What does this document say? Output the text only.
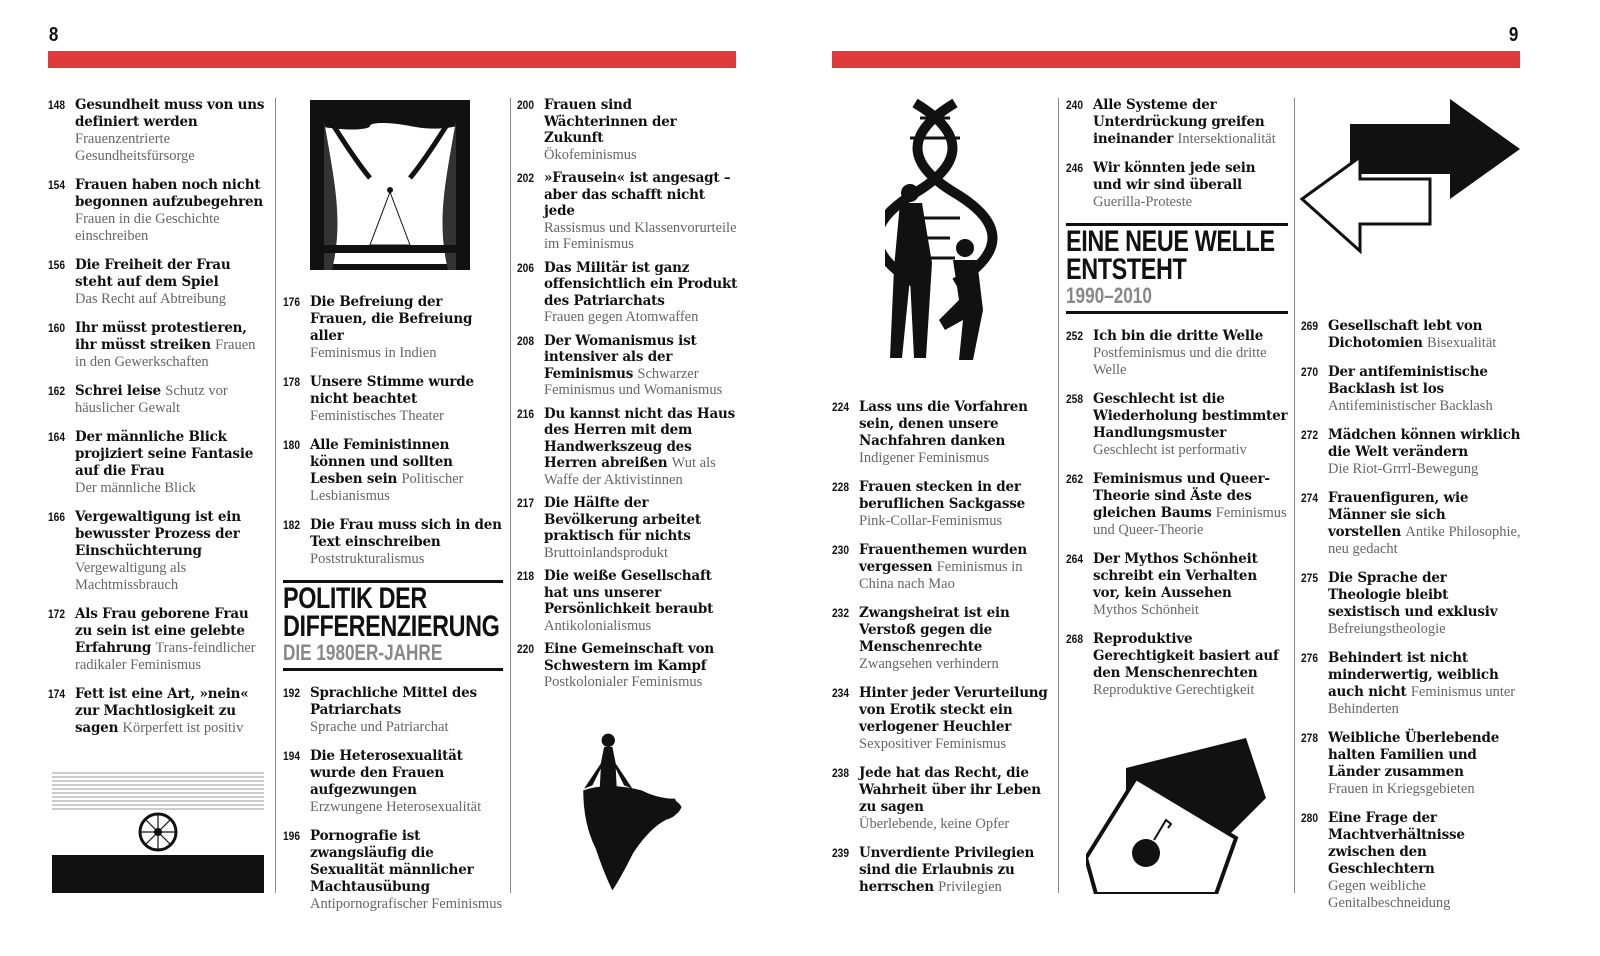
8	9
148 Gesundheit muss von uns definiert werden
Frauenzentrierte Gesundheitsfürsorge
154 Frauen haben noch nicht begonnen aufzubegehren
Frauen in die Geschichte einschreiben
156 Die Freiheit der Frau steht auf dem Spiel
Das Recht auf Abtreibung
160 Ihr müsst protestieren, ihr müsst streiken Frauen in den Gewerkschaften
162 Schrei leise Schutz vor häuslicher Gewalt
164 Der männliche Blick projiziert seine Fantasie auf die Frau
Der männliche Blick
166 Vergewaltigung ist ein bewusster Prozess der Einschüchterung
Vergewaltigung als Machtmissbrauch
172 Als Frau geborene Frau zu sein ist eine gelebte Erfahrung Trans-feindlicher radikaler Feminismus
174 Fett ist eine Art, »nein« zur Machtlosigkeit zu sagen Körperfett ist positiv
176 Die Befreiung der Frauen, die Befreiung aller
Feminismus in Indien
178 Unsere Stimme wurde nicht beachtet
Feministisches Theater
180 Alle Feministinnen können und sollten Lesben sein Politischer Lesbianismus
182 Die Frau muss sich in den Text einschreiben
Poststrukturalismus
POLITIK DER
DIFFERENZIERUNG
DIE 1980ER-JAHRE
192 Sprachliche Mittel des Patriarchats
Sprache und Patriarchat
194 Die Heterosexualität wurde den Frauen aufgezwungen
Erzwungene Heterosexualität
196 Pornografie ist zwangsläufig die Sexualität männlicher Machtausübung Antipornografischer Feminismus
200 Frauen sind Wächterinnen der Zukunft
Ökofeminismus
202 »Frausein« ist angesagt – aber das schafft nicht jede
Rassismus und Klassenvorurteile im Feminismus
206 Das Militär ist ganz offensichtlich ein Produkt des Patriarchats
Frauen gegen Atomwaffen
208 Der Womanismus ist intensiver als der Feminismus Schwarzer Feminismus und Womanismus
216 Du kannst nicht das Haus des Herren mit dem Handwerkszeug des Herren abreißen Wut als Waffe der Aktivistinnen
217 Die Hälfte der Bevölkerung arbeitet praktisch für nichts Bruttoinlandsprodukt
218 Die weiße Gesellschaft hat uns unserer Persönlichkeit beraubt
Antikolonialismus
220 Eine Gemeinschaft von Schwestern im Kampf
Postkolonialer Feminismus
224 Lass uns die Vorfahren sein, denen unsere Nachfahren danken
Indigener Feminismus
228 Frauen stecken in der beruflichen Sackgasse
Pink-Collar-Feminismus
230 Frauenthemen wurden vergessen Feminismus in China nach Mao
232 Zwangsheirat ist ein Verstoß gegen die Menschenrechte
Zwangsehen verhindern
234 Hinter jeder Verurteilung von Erotik steckt ein verlogener Heuchler
Sexpositiver Feminismus
238 Jede hat das Recht, die Wahrheit über ihr Leben zu sagen
Überlebende, keine Opfer
239 Unverdiente Privilegien sind die Erlaubnis zu herrschen Privilegien
240 Alle Systeme der Unterdrückung greifen ineinander Intersektionalität
246 Wir könnten jede sein und wir sind überall
Guerilla-Proteste
EINE NEUE WELLE
ENTSTEHT
1990–2010
252 Ich bin die dritte Welle
Postfeminismus und die dritte Welle
258 Geschlecht ist die Wiederholung bestimmter Handlungsmuster Geschlecht ist performativ
262 Feminismus und Queer-Theorie sind Äste des gleichen Baums Feminismus und Queer-Theorie
264 Der Mythos Schönheit schreibt ein Verhalten vor, kein Aussehen
Mythos Schönheit
268 Reproduktive Gerechtigkeit basiert auf den Menschenrechten
Reproduktive Gerechtigkeit
269 Gesellschaft lebt von Dichotomien Bisexualität
270 Der antifeministische Backlash ist los
Antifeministischer Backlash
272 Mädchen können wirklich die Welt verändern
Die Riot-Grrrl-Bewegung
274 Frauenfiguren, wie Männer sie sich vorstellen Antike Philosophie, neu gedacht
275 Die Sprache der Theologie bleibt sexistisch und exklusiv
Befreiungstheologie
276 Behindert ist nicht minderwertig, weiblich auch nicht Feminismus unter Behinderten
278 Weibliche Überlebende halten Familien und Länder zusammen
Frauen in Kriegsgebieten
280 Eine Frage der Machtverhältnisse zwischen den Geschlechtern
Gegen weibliche Genitalbeschneidung
